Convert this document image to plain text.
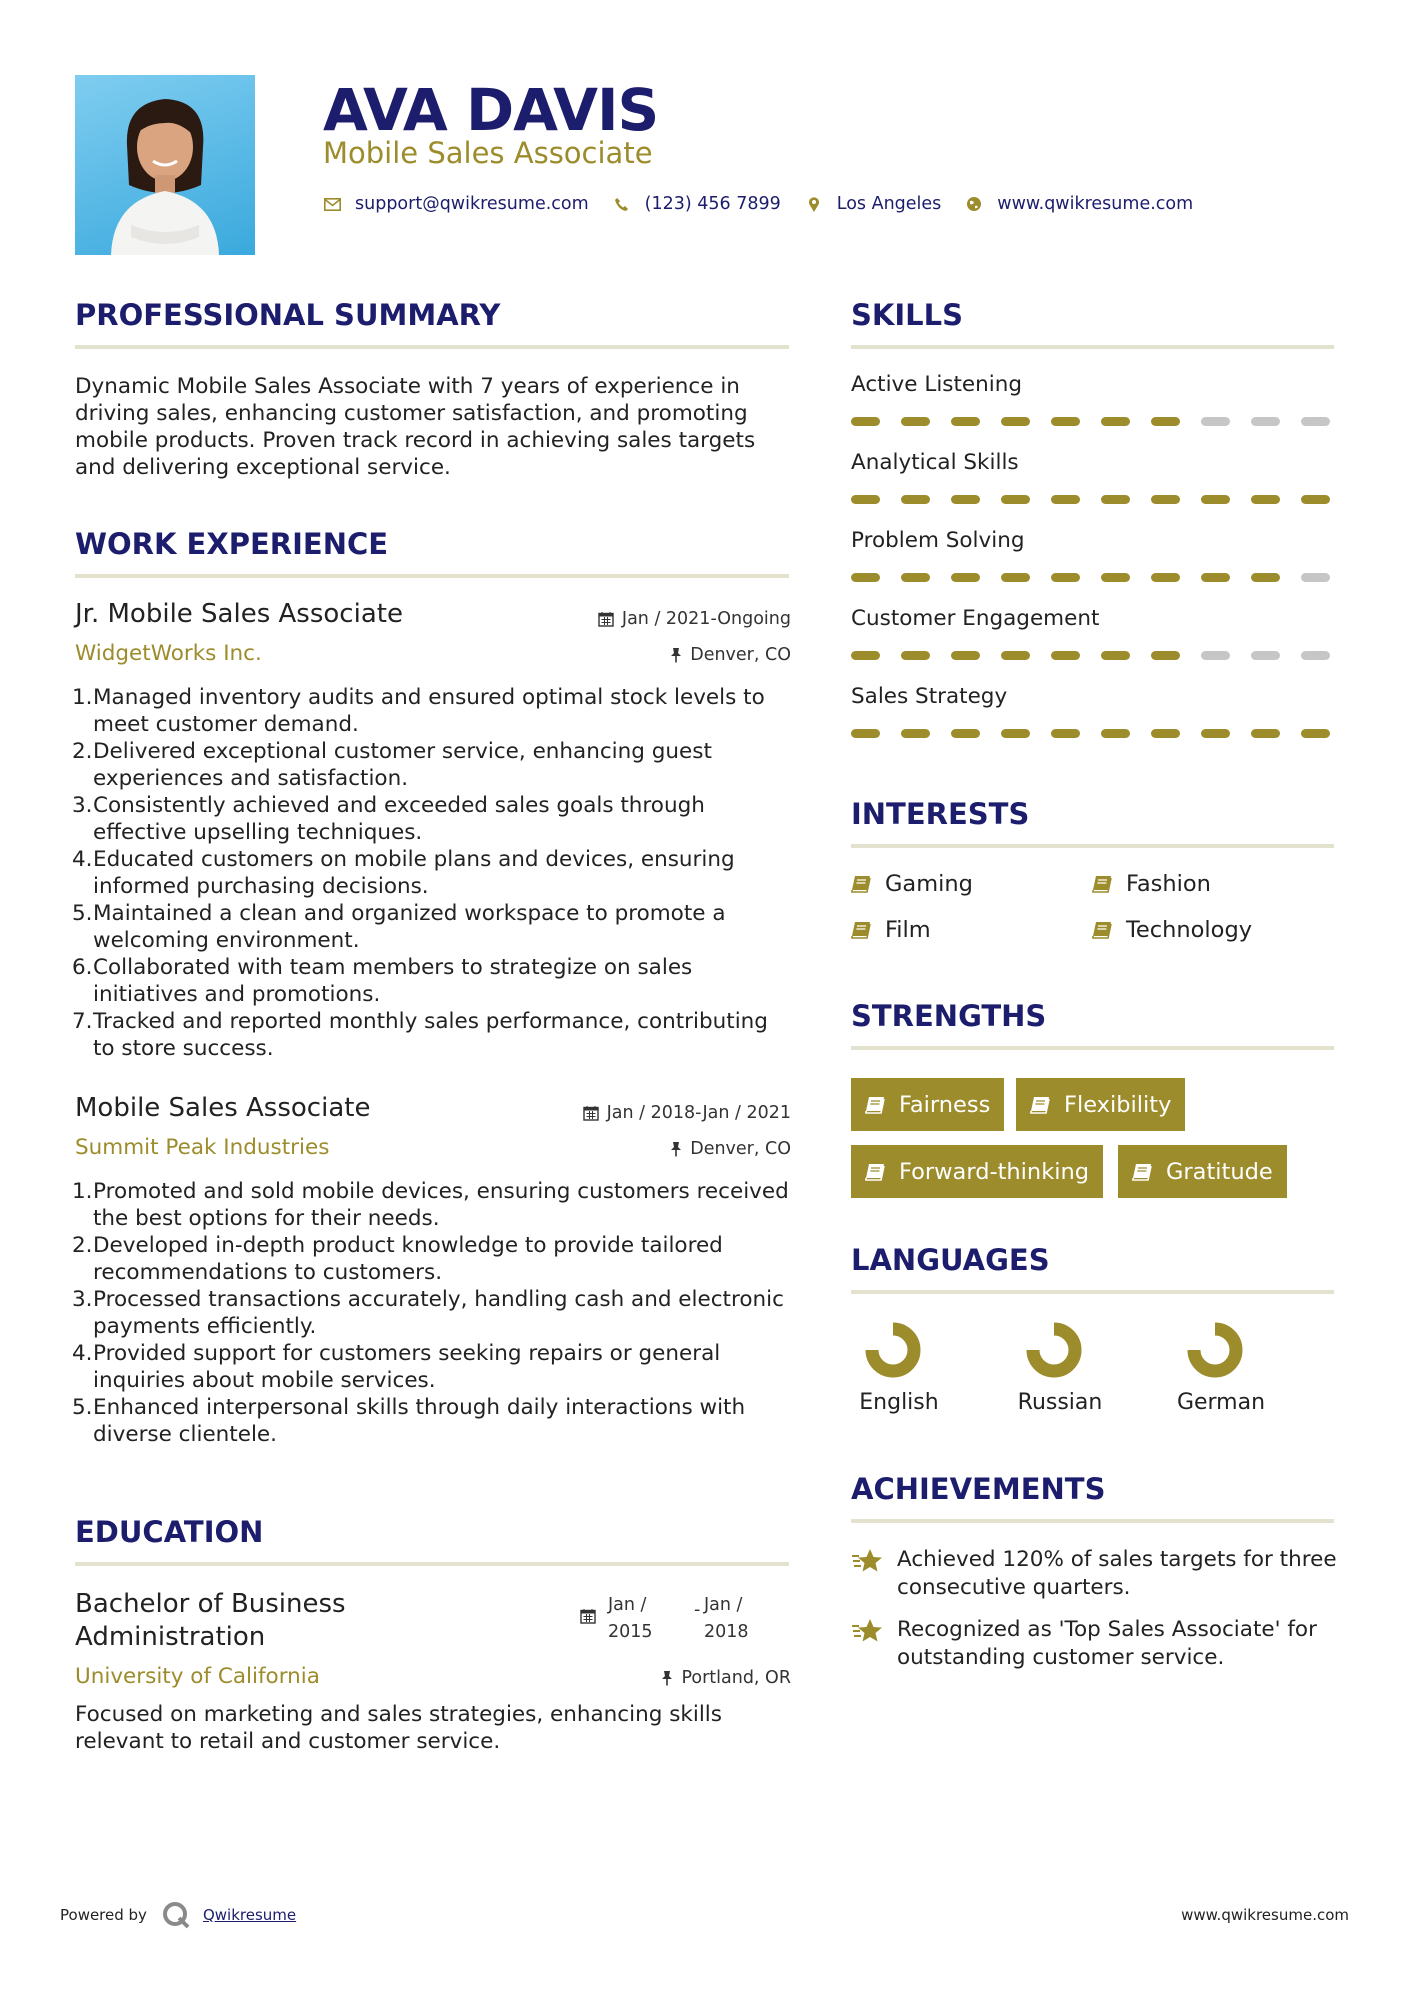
AVA DAVIS
Mobile Sales Associate
support@qwikresume.com	(123) 456 7899	Los Angeles	www.qwikresume.com
PROFESSIONAL SUMMARY
Dynamic Mobile Sales Associate with 7 years of experience in driving sales, enhancing customer satisfaction, and promoting mobile products. Proven track record in achieving sales targets and delivering exceptional service.
WORK EXPERIENCE
Jr. Mobile Sales Associate	Jan / 2021-Ongoing
WidgetWorks Inc.	Denver, CO
1. Managed inventory audits and ensured optimal stock levels to meet customer demand.
2. Delivered exceptional customer service, enhancing guest experiences and satisfaction.
3. Consistently achieved and exceeded sales goals through effective upselling techniques.
4. Educated customers on mobile plans and devices, ensuring informed purchasing decisions.
5. Maintained a clean and organized workspace to promote a welcoming environment.
6. Collaborated with team members to strategize on sales initiatives and promotions.
7. Tracked and reported monthly sales performance, contributing to store success.
Mobile Sales Associate	Jan / 2018-Jan / 2021
Summit Peak Industries	Denver, CO
1. Promoted and sold mobile devices, ensuring customers received the best options for their needs.
2. Developed in-depth product knowledge to provide tailored recommendations to customers.
3. Processed transactions accurately, handling cash and electronic payments efficiently.
4. Provided support for customers seeking repairs or general inquiries about mobile services.
5. Enhanced interpersonal skills through daily interactions with diverse clientele.
EDUCATION
Bachelor of Business Administration
Jan / 2015
- Jan / 2018
University of California	Portland, OR
Focused on marketing and sales strategies, enhancing skills relevant to retail and customer service.
SKILLS
Active Listening
Analytical Skills
Problem Solving
Customer Engagement
Sales Strategy
INTERESTS
Gaming	Fashion
Film	Technology
STRENGTHS
Fairness	Flexibility
Forward-thinking	Gratitude
LANGUAGES
English	Russian	German
ACHIEVEMENTS
Achieved 120% of sales targets for three consecutive quarters.
Recognized as 'Top Sales Associate' for outstanding customer service.
Powered by	Qwikresume	www.qwikresume.com
